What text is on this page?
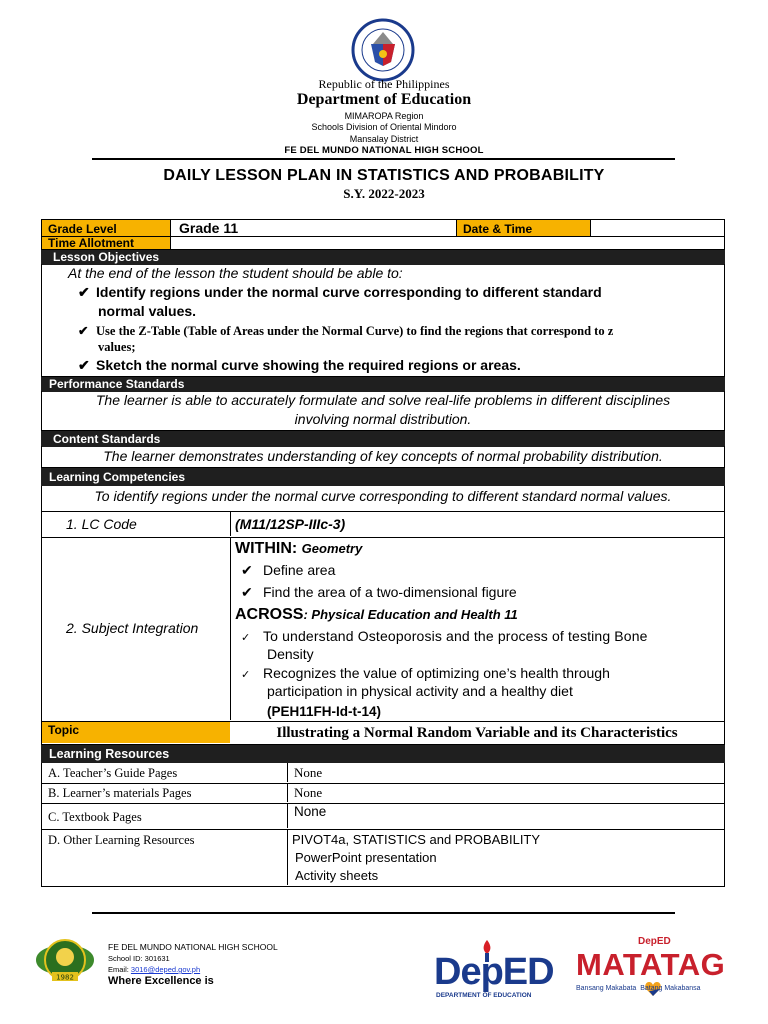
Republic of the Philippines
Department of Education
MIMAROPA Region
Schools Division of Oriental Mindoro
Mansalay District
FE DEL MUNDO NATIONAL HIGH SCHOOL
DAILY LESSON PLAN IN STATISTICS AND PROBABILITY
S.Y. 2022-2023
Grade Level	Grade 11	Date & Time
Time Allotment
Lesson Objectives
At the end of the lesson the student should be able to:
✔ Identify regions under the normal curve corresponding to different standard
normal values.
✔ Use the Z-Table (Table of Areas under the Normal Curve) to find the regions that correspond to z
values;
✔ Sketch the normal curve showing the required regions or areas.
Performance Standards
The learner is able to accurately formulate and solve real-life problems in different disciplines
involving normal distribution.
Content Standards
The learner demonstrates understanding of key concepts of normal probability distribution.
Learning Competencies
To identify regions under the normal curve corresponding to different standard normal values.
1. LC Code	(M11/12SP-IIIc-3)
2. Subject Integration
WITHIN: Geometry
✔ Define area
✔ Find the area of a two-dimensional figure
ACROSS: Physical Education and Health 11
✓ To understand Osteoporosis and the process of testing Bone
Density
✓ Recognizes the value of optimizing one’s health through
participation in physical activity and a healthy diet
(PEH11FH-Id-t-14)
Topic	Illustrating a Normal Random Variable and its Characteristics
Learning Resources
A. Teacher’s Guide Pages	None
B. Learner’s materials Pages	None
C. Textbook Pages	None
D. Other Learning Resources	PIVOT4a, STATISTICS and PROBABILITY
PowerPoint presentation
Activity sheets
1982
FE DEL MUNDO NATIONAL HIGH SCHOOL
School ID: 301631
Email: 3016@deped.gov.ph
Where Excellence is	DepED
DEPARTMENT OF EDUCATION
DepED
MATATAG
Bansang Makabata  Batang Makabansa
